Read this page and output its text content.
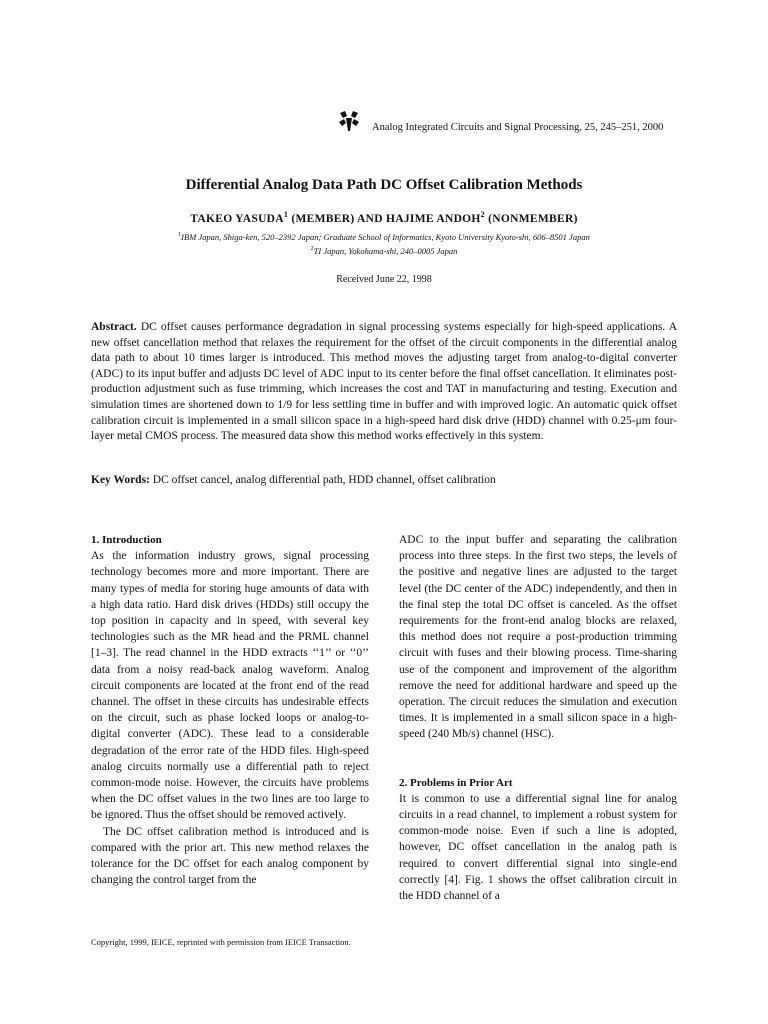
Analog Integrated Circuits and Signal Processing, 25, 245–251, 2000
Differential Analog Data Path DC Offset Calibration Methods
TAKEO YASUDA$^1$ (MEMBER) AND HAJIME ANDOH$^2$ (NONMEMBER)
$^1$IBM Japan, Shiga-ken, 520–2392 Japan; Graduate School of Informatics, Kyoto University Kyoto-shi, 606–8501 Japan
$^2$TI Japan, Yokohama-shi, 240–0005 Japan
Received June 22, 1998

Abstract. DC offset causes performance degradation in signal processing systems especially for high-speed applications. A new offset cancellation method that relaxes the requirement for the offset of the circuit components in the differential analog data path to about 10 times larger is introduced. This method moves the adjusting target from analog-to-digital converter (ADC) to its input buffer and adjusts DC level of ADC input to its center before the final offset cancellation. It eliminates post-production adjustment such as fuse trimming, which increases the cost and TAT in manufacturing and testing. Execution and simulation times are shortened down to 1/9 for less settling time in buffer and with improved logic. An automatic quick offset calibration circuit is implemented in a small silicon space in a high-speed hard disk drive (HDD) channel with 0.25-μm four-layer metal CMOS process. The measured data show this method works effectively in this system.

Key Words: DC offset cancel, analog differential path, HDD channel, offset calibration

1. Introduction

As the information industry grows, signal processing technology becomes more and more important. There are many types of media for storing huge amounts of data with a high data ratio. Hard disk drives (HDDs) still occupy the top position in capacity and in speed, with several key technologies such as the MR head and the PRML channel [1–3]. The read channel in the HDD extracts ‘‘1’’ or ‘‘0’’ data from a noisy read-back analog waveform. Analog circuit components are located at the front end of the read channel. The offset in these circuits has undesirable effects on the circuit, such as phase locked loops or analog-to-digital converter (ADC). These lead to a considerable degradation of the error rate of the HDD files. High-speed analog circuits normally use a differential path to reject common-mode noise. However, the circuits have problems when the DC offset values in the two lines are too large to be ignored. Thus the offset should be removed actively.

The DC offset calibration method is introduced and is compared with the prior art. This new method relaxes the tolerance for the DC offset for each analog component by changing the control target from the

ADC to the input buffer and separating the calibration process into three steps. In the first two steps, the levels of the positive and negative lines are adjusted to the target level (the DC center of the ADC) independently, and then in the final step the total DC offset is canceled. As the offset requirements for the front-end analog blocks are relaxed, this method does not require a post-production trimming circuit with fuses and their blowing process. Time-sharing use of the component and improvement of the algorithm remove the need for additional hardware and speed up the operation. The circuit reduces the simulation and execution times. It is implemented in a small silicon space in a high-speed (240 Mb/s) channel (HSC).

2. Problems in Prior Art

It is common to use a differential signal line for analog circuits in a read channel, to implement a robust system for common-mode noise. Even if such a line is adopted, however, DC offset cancellation in the analog path is required to convert differential signal into single-end correctly [4]. Fig. 1 shows the offset calibration circuit in the HDD channel of a

Copyright, 1999, IEICE, reprinted with permission from IEICE Transaction.
